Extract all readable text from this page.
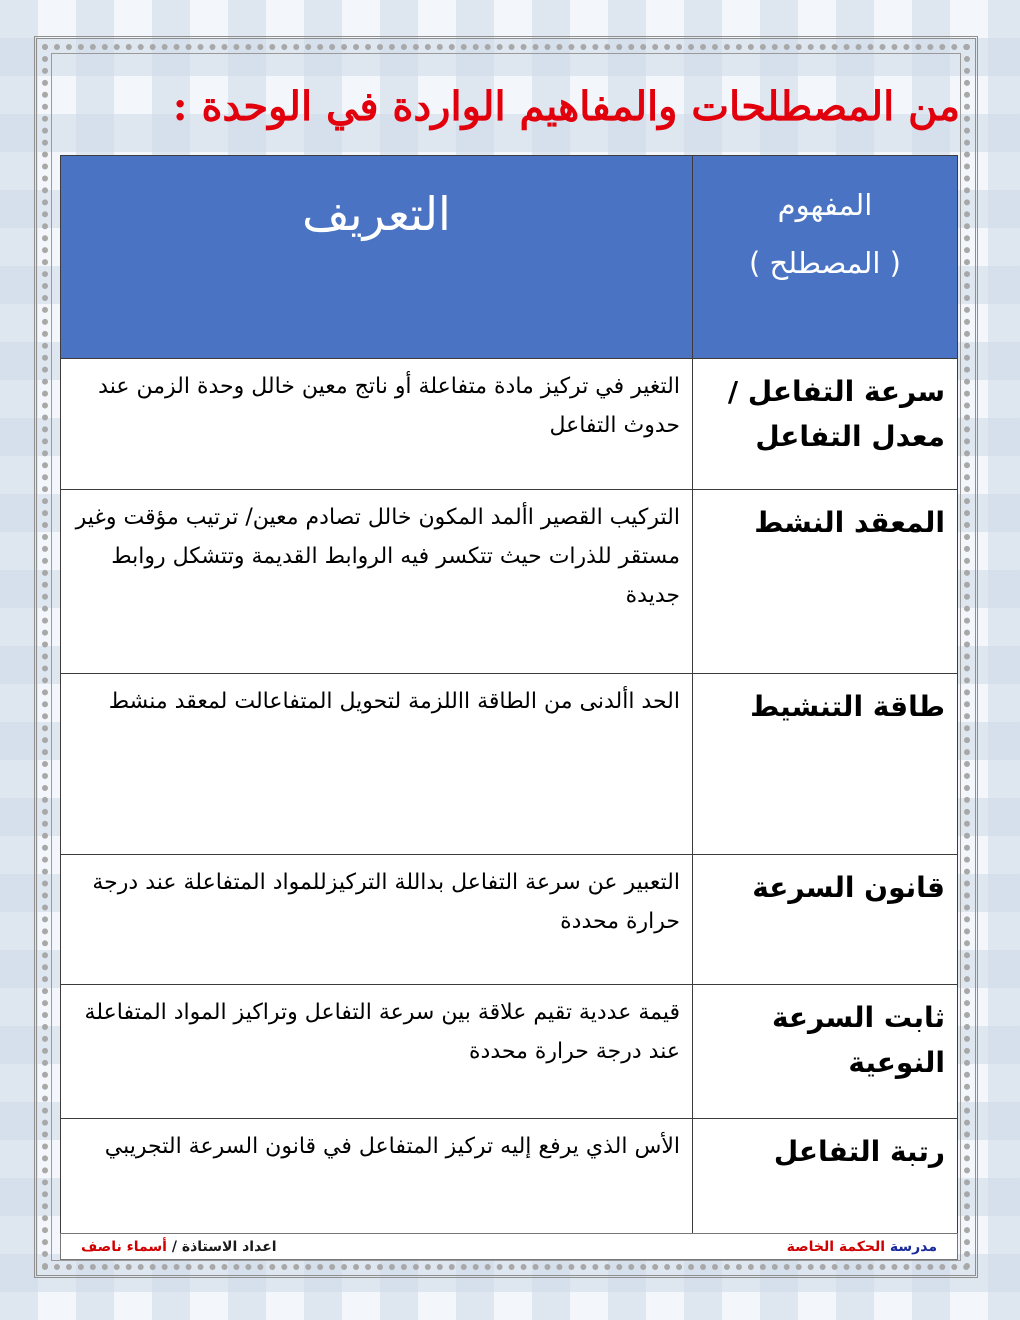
من المصطلحات والمفاهيم الواردة في الوحدة :
المفهوم
( المصطلح )	التعريف
سرعة التفاعل / معدل التفاعل	التغير في تركيز مادة متفاعلة أو ناتج معين خالل وحدة الزمن عند حدوث التفاعل
المعقد النشط	التركيب القصير األمد المكون خالل تصادم معين/ ترتيب مؤقت وغير مستقر للذرات حيث تتكسر فيه الروابط القديمة وتتشكل روابط جديدة
طاقة التنشيط	الحد األدنى من الطاقة االلزمة لتحويل المتفاعالت لمعقد منشط
قانون السرعة	التعبير عن سرعة التفاعل بداللة التركيزللمواد المتفاعلة عند درجة حرارة محددة
ثابت السرعة النوعية	قيمة عددية تقيم علاقة بين سرعة التفاعل وتراكيز المواد المتفاعلة عند درجة حرارة محددة
رتبة التفاعل	الأس الذي يرفع إليه تركيز المتفاعل في قانون السرعة التجريبي
مدرسة الحكمة الخاصة
اعداد الاستاذة / أسماء ناصف
